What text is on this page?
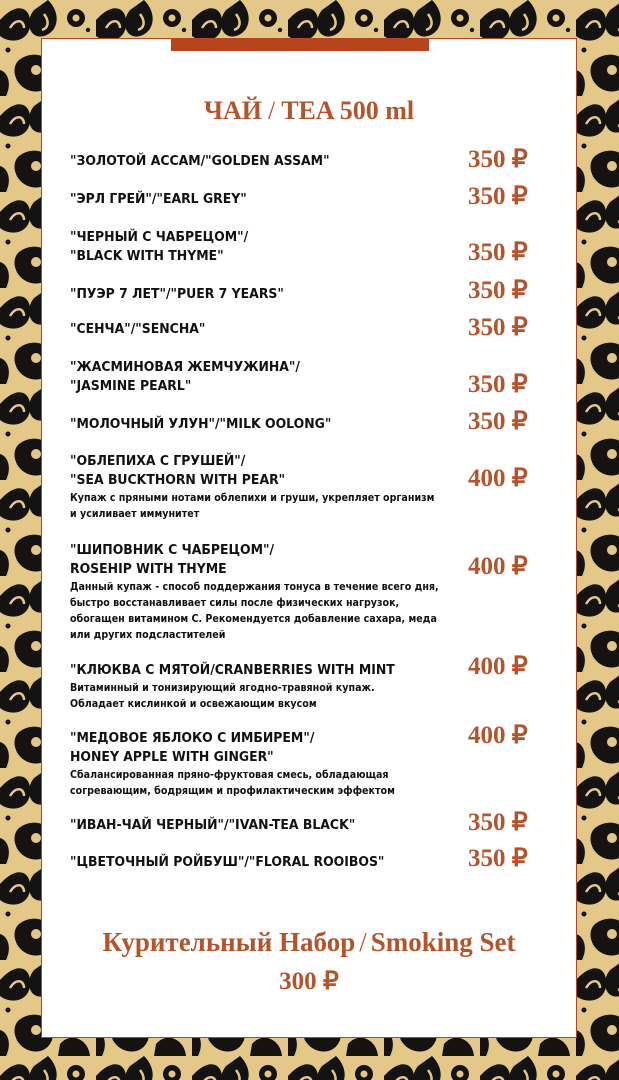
ЧАЙ / TEA 500 ml
"ЗОЛОТОЙ АССАМ/"GOLDEN ASSAM"	350 ₽
"ЭРЛ ГРЕЙ"/"EARL GREY"	350 ₽
"ЧЕРНЫЙ С ЧАБРЕЦОМ"/
"BLACK WITH THYME"	350 ₽
"ПУЭР 7 ЛЕТ"/"PUER 7 YEARS"	350 ₽
"СЕНЧА"/"SENCHA"	350 ₽
"ЖАСМИНОВАЯ ЖЕМЧУЖИНА"/
"JASMINE PEARL"	350 ₽
"МОЛОЧНЫЙ УЛУН"/"MILK OOLONG"	350 ₽
"ОБЛЕПИХА С ГРУШЕЙ"/
"SEA BUCKTHORN WITH PEAR"
Купаж с пряными нотами облепихи и груши, укрепляет организм
и усиливает иммунитет
400 ₽
"ШИПОВНИК С ЧАБРЕЦОМ"/
ROSEHIP WITH THYME
Данный купаж - способ поддержания тонуса в течение всего дня,
быстро восстанавливает силы после физических нагрузок,
обогащен витамином С. Рекомендуется добавление сахара, меда
или других подсластителей
400 ₽
"КЛЮКВА С МЯТОЙ/CRANBERRIES WITH MINT
Витаминный и тонизирующий ягодно-травяной купаж.
Обладает кислинкой и освежающим вкусом
400 ₽
"МЕДОВОЕ ЯБЛОКО С ИМБИРЕМ"/
HONEY APPLE WITH GINGER"
Сбалансированная пряно-фруктовая смесь, обладающая
согревающим, бодрящим и профилактическим эффектом
400 ₽
"ИВАН-ЧАЙ ЧЕРНЫЙ"/"IVAN-TEA BLACK"	350 ₽
"ЦВЕТОЧНЫЙ РОЙБУШ"/"FLORAL ROOIBOS"	350 ₽
Курительный Набор / Smoking Set
300 ₽
